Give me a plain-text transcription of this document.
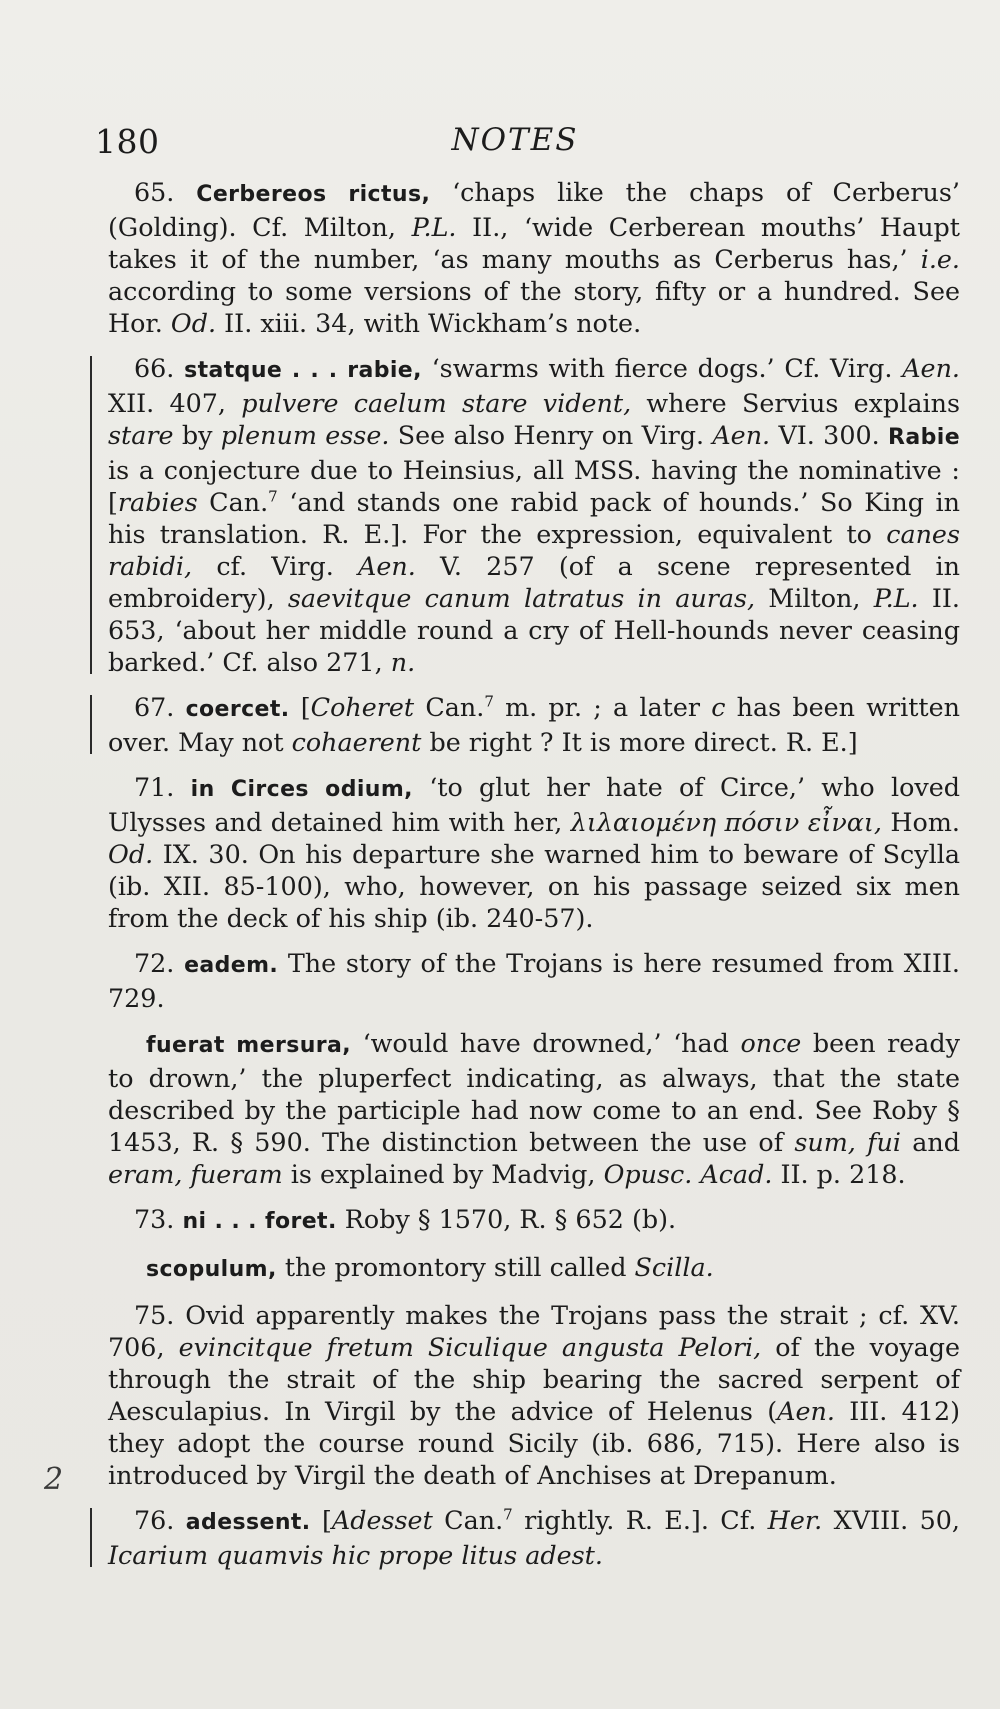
180	NOTES
2

65. Cerbereos rictus, ‘chaps like the chaps of Cerberus’ (Golding). Cf. Milton, P.L. II., ‘wide Cerberean mouths’ Haupt takes it of the number, ‘as many mouths as Cerberus has,’ i.e. according to some versions of the story, fifty or a hundred. See Hor. Od. II. xiii. 34, with Wickham’s note.

66. statque . . . rabie, ‘swarms with fierce dogs.’ Cf. Virg. Aen. XII. 407, pulvere caelum stare vident, where Servius explains stare by plenum esse. See also Henry on Virg. Aen. VI. 300. Rabie is a conjecture due to Heinsius, all MSS. having the nominative : [rabies Can.$^7$ ‘and stands one rabid pack of hounds.’ So King in his translation. R. E.]. For the expression, equivalent to canes rabidi, cf. Virg. Aen. V. 257 (of a scene represented in embroidery), saevitque canum latratus in auras, Milton, P.L. II. 653, ‘about her middle round a cry of Hell-hounds never ceasing barked.’ Cf. also 271, n.

67. coercet. [Coheret Can.$^7$ m. pr. ; a later c has been written over. May not cohaerent be right ? It is more direct. R. E.]

71. in Circes odium, ‘to glut her hate of Circe,’ who loved Ulysses and detained him with her, λιλαιομένη πόσιν εἶναι, Hom. Od. IX. 30. On his departure she warned him to beware of Scylla (ib. XII. 85-100), who, however, on his passage seized six men from the deck of his ship (ib. 240-57).

72. eadem. The story of the Trojans is here resumed from XIII. 729.

fuerat mersura, ‘would have drowned,’ ‘had once been ready to drown,’ the pluperfect indicating, as always, that the state described by the participle had now come to an end. See Roby § 1453, R. § 590. The distinction between the use of sum, fui and eram, fueram is explained by Madvig, Opusc. Acad. II. p. 218.

73. ni . . . foret. Roby § 1570, R. § 652 (b).

scopulum, the promontory still called Scilla.

75. Ovid apparently makes the Trojans pass the strait ; cf. XV. 706, evincitque fretum Siculique angusta Pelori, of the voyage through the strait of the ship bearing the sacred serpent of Aesculapius. In Virgil by the advice of Helenus (Aen. III. 412) they adopt the course round Sicily (ib. 686, 715). Here also is introduced by Virgil the death of Anchises at Drepanum.

76. adessent. [Adesset Can.$^7$ rightly. R. E.]. Cf. Her. XVIII. 50, Icarium quamvis hic prope litus adest.
